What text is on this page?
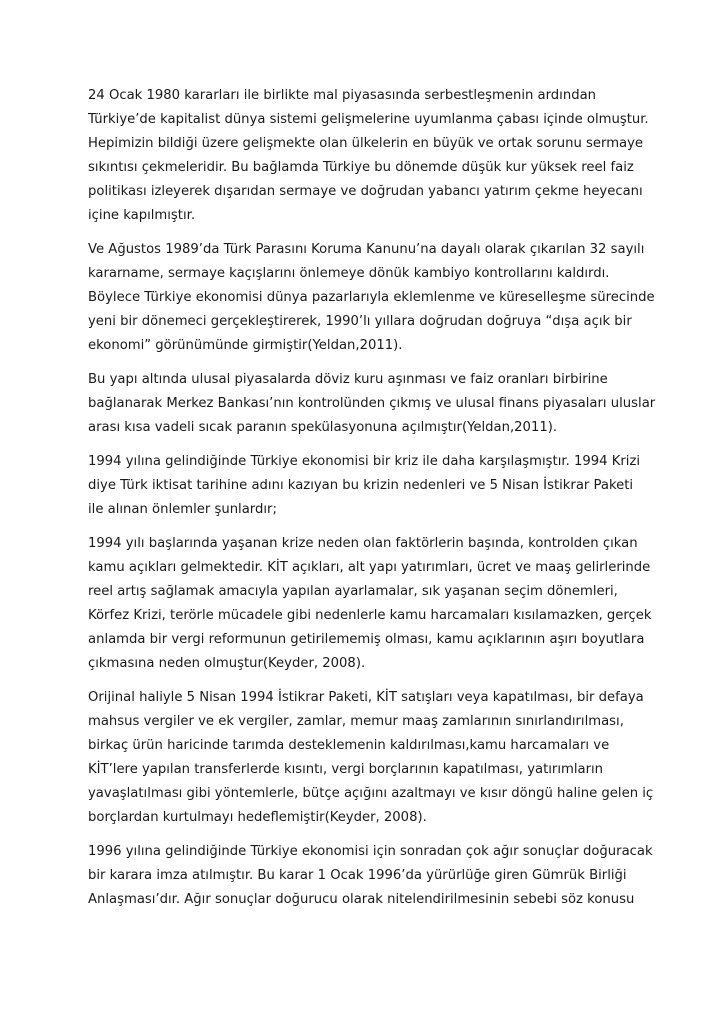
24 Ocak 1980 kararları ile birlikte mal piyasasında serbestleşmenin ardından
Türkiye’de kapitalist dünya sistemi gelişmelerine uyumlanma çabası içinde olmuştur.
Hepimizin bildiği üzere gelişmekte olan ülkelerin en büyük ve ortak sorunu sermaye
sıkıntısı çekmeleridir. Bu bağlamda Türkiye bu dönemde düşük kur yüksek reel faiz
politikası izleyerek dışarıdan sermaye ve doğrudan yabancı yatırım çekme heyecanı
içine kapılmıştır.
Ve Ağustos 1989’da Türk Parasını Koruma Kanunu’na dayalı olarak çıkarılan 32 sayılı
kararname, sermaye kaçışlarını önlemeye dönük kambiyo kontrollarını kaldırdı.
Böylece Türkiye ekonomisi dünya pazarlarıyla eklemlenme ve küreselleşme sürecinde
yeni bir dönemeci gerçekleştirerek, 1990’lı yıllara doğrudan doğruya “dışa açık bir
ekonomi” görünümünde girmiştir(Yeldan,2011).
Bu yapı altında ulusal piyasalarda döviz kuru aşınması ve faiz oranları birbirine
bağlanarak Merkez Bankası’nın kontrolünden çıkmış ve ulusal finans piyasaları uluslar
arası kısa vadeli sıcak paranın spekülasyonuna açılmıştır(Yeldan,2011).
1994 yılına gelindiğinde Türkiye ekonomisi bir kriz ile daha karşılaşmıştır. 1994 Krizi
diye Türk iktisat tarihine adını kazıyan bu krizin nedenleri ve 5 Nisan İstikrar Paketi
ile alınan önlemler şunlardır;
1994 yılı başlarında yaşanan krize neden olan faktörlerin başında, kontrolden çıkan
kamu açıkları gelmektedir. KİT açıkları, alt yapı yatırımları, ücret ve maaş gelirlerinde
reel artış sağlamak amacıyla yapılan ayarlamalar, sık yaşanan seçim dönemleri,
Körfez Krizi, terörle mücadele gibi nedenlerle kamu harcamaları kısılamazken, gerçek
anlamda bir vergi reformunun getirilememiş olması, kamu açıklarının aşırı boyutlara
çıkmasına neden olmuştur(Keyder, 2008).
Orijinal haliyle 5 Nisan 1994 İstikrar Paketi, KİT satışları veya kapatılması, bir defaya
mahsus vergiler ve ek vergiler, zamlar, memur maaş zamlarının sınırlandırılması,
birkaç ürün haricinde tarımda desteklemenin kaldırılması,kamu harcamaları ve
KİT’lere yapılan transferlerde kısıntı, vergi borçlarının kapatılması, yatırımların
yavaşlatılması gibi yöntemlerle, bütçe açığını azaltmayı ve kısır döngü haline gelen iç
borçlardan kurtulmayı hedeflemiştir(Keyder, 2008).
1996 yılına gelindiğinde Türkiye ekonomisi için sonradan çok ağır sonuçlar doğuracak
bir karara imza atılmıştır. Bu karar 1 Ocak 1996’da yürürlüğe giren Gümrük Birliği
Anlaşması’dır. Ağır sonuçlar doğurucu olarak nitelendirilmesinin sebebi söz konusu
